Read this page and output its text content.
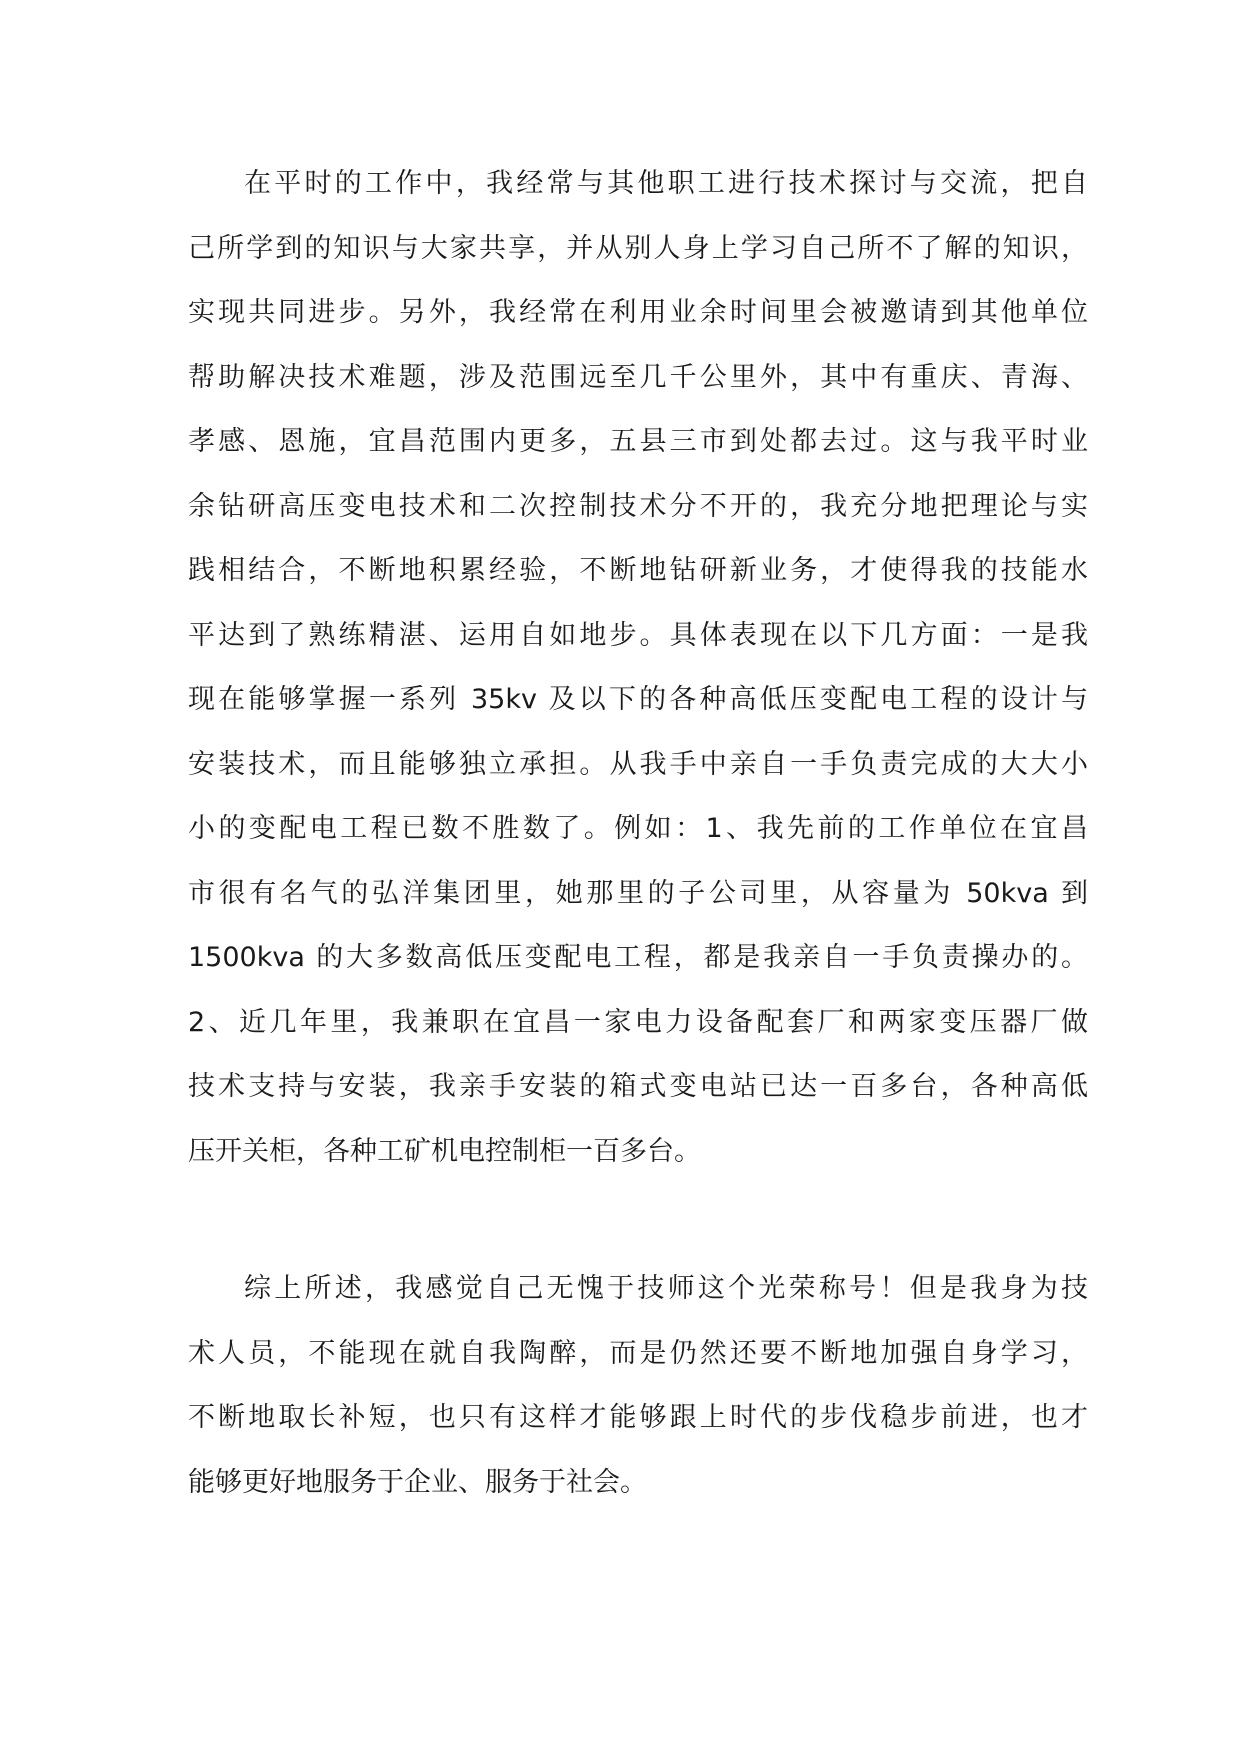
在平时的工作中，我经常与其他职工进行技术探讨与交流，把自
己所学到的知识与大家共享，并从别人身上学习自己所不了解的知识，
实现共同进步。另外，我经常在利用业余时间里会被邀请到其他单位
帮助解决技术难题，涉及范围远至几千公里外，其中有重庆、青海、
孝感、恩施，宜昌范围内更多，五县三市到处都去过。这与我平时业
余钻研高压变电技术和二次控制技术分不开的，我充分地把理论与实
践相结合，不断地积累经验，不断地钻研新业务，才使得我的技能水
平达到了熟练精湛、运用自如地步。具体表现在以下几方面：一是我
现在能够掌握一系列 35kv 及以下的各种高低压变配电工程的设计与
安装技术，而且能够独立承担。从我手中亲自一手负责完成的大大小
小的变配电工程已数不胜数了。例如：1、我先前的工作单位在宜昌
市很有名气的弘洋集团里，她那里的子公司里，从容量为 50kva 到
1500kva 的大多数高低压变配电工程，都是我亲自一手负责操办的。
2、近几年里，我兼职在宜昌一家电力设备配套厂和两家变压器厂做
技术支持与安装，我亲手安装的箱式变电站已达一百多台，各种高低
压开关柜，各种工矿机电控制柜一百多台。
综上所述，我感觉自己无愧于技师这个光荣称号！但是我身为技
术人员，不能现在就自我陶醉，而是仍然还要不断地加强自身学习，
不断地取长补短，也只有这样才能够跟上时代的步伐稳步前进，也才
能够更好地服务于企业、服务于社会。
